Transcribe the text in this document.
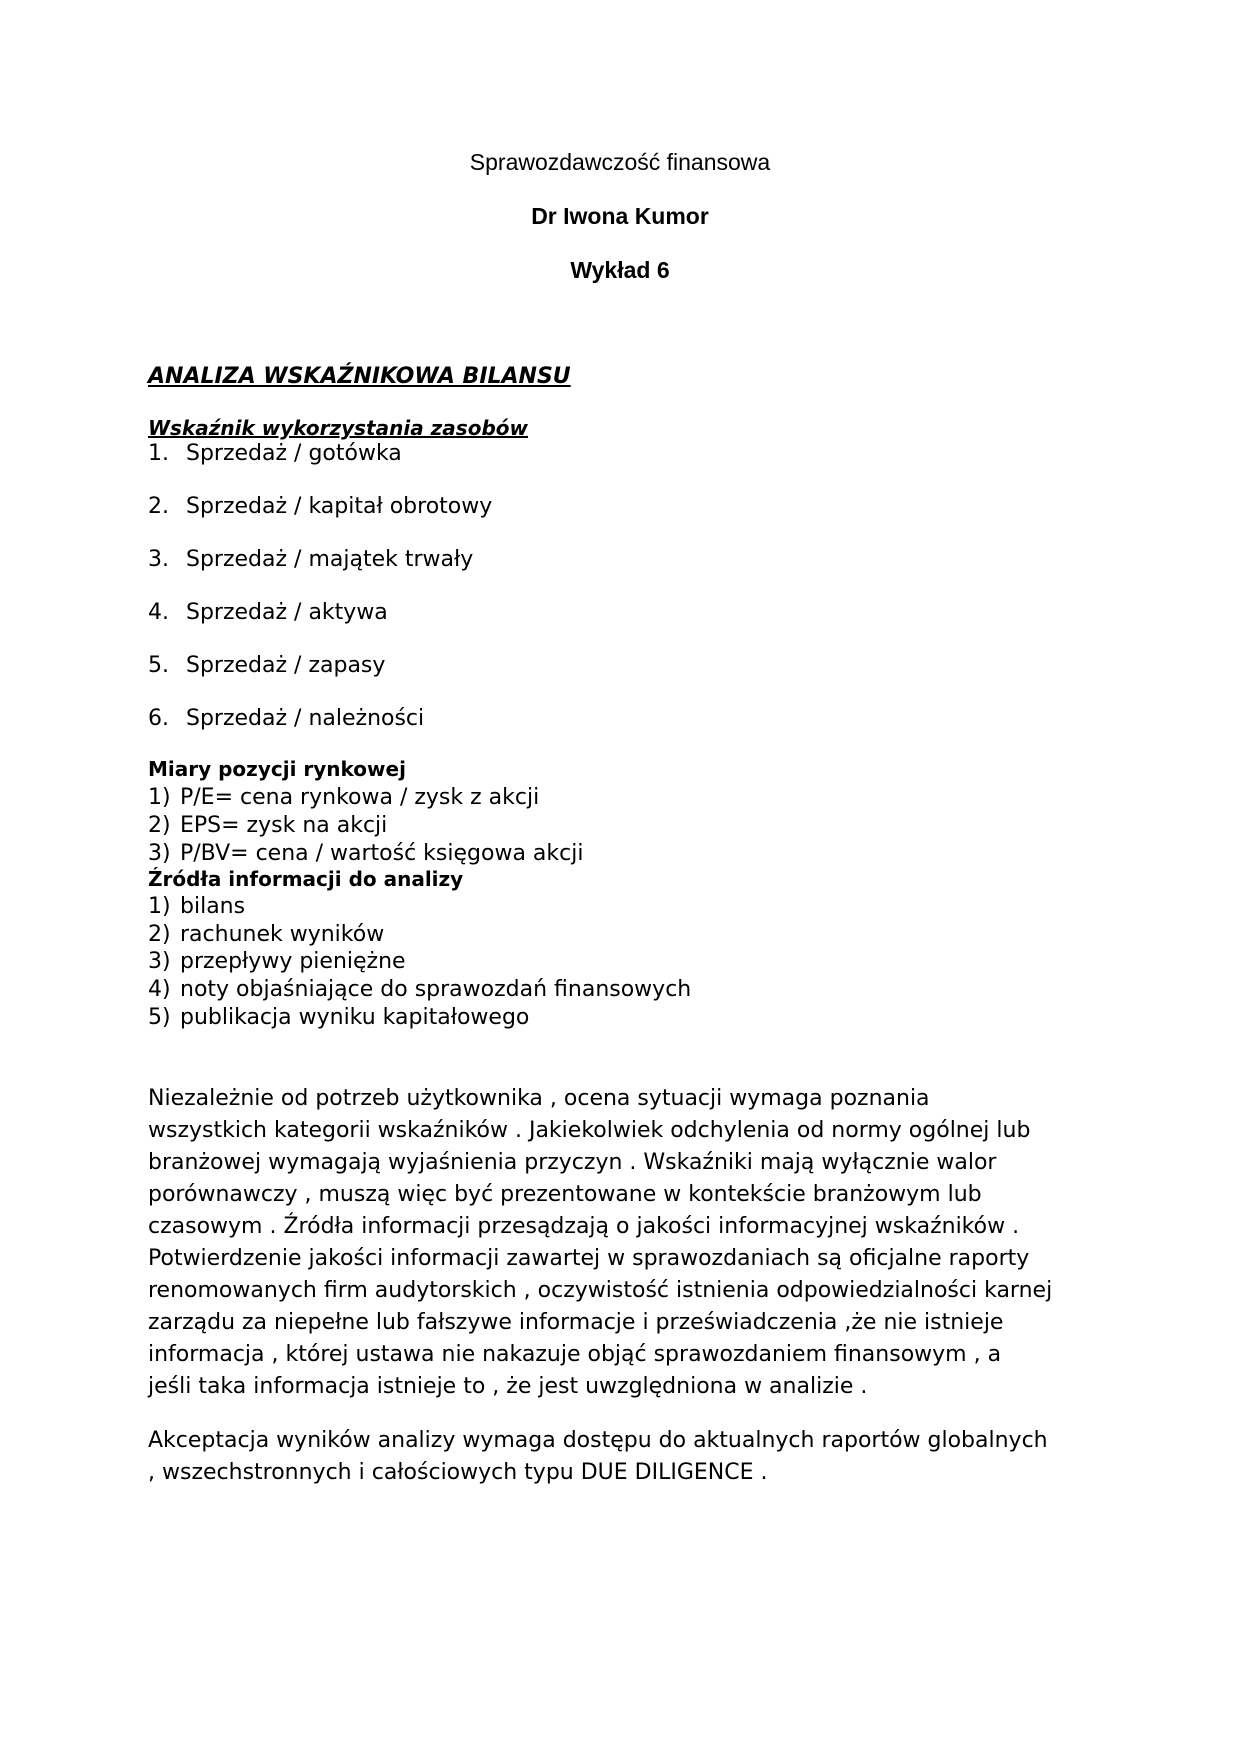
Sprawozdawczość finansowa
Dr Iwona Kumor
Wykład 6
ANALIZA WSKAŹNIKOWA BILANSU
Wskaźnik wykorzystania zasobów
1. Sprzedaż / gotówka
2. Sprzedaż / kapitał obrotowy
3. Sprzedaż / majątek trwały
4. Sprzedaż / aktywa
5. Sprzedaż / zapasy
6. Sprzedaż / należności
Miary pozycji rynkowej
1) P/E= cena rynkowa / zysk z akcji
2) EPS= zysk na akcji
3) P/BV= cena / wartość księgowa akcji
Źródła informacji do analizy
1) bilans
2) rachunek wyników
3) przepływy pieniężne
4) noty objaśniające do sprawozdań finansowych
5) publikacja wyniku kapitałowego
Niezależnie od potrzeb użytkownika , ocena sytuacji wymaga poznania
wszystkich kategorii wskaźników . Jakiekolwiek odchylenia od normy ogólnej lub
branżowej wymagają wyjaśnienia przyczyn . Wskaźniki mają wyłącznie walor
porównawczy , muszą więc być prezentowane w kontekście branżowym lub
czasowym . Źródła informacji przesądzają o jakości informacyjnej wskaźników .
Potwierdzenie jakości informacji zawartej w sprawozdaniach są oficjalne raporty
renomowanych firm audytorskich , oczywistość istnienia odpowiedzialności karnej
zarządu za niepełne lub fałszywe informacje i przeświadczenia ,że nie istnieje
informacja , której ustawa nie nakazuje objąć sprawozdaniem finansowym , a
jeśli taka informacja istnieje to , że jest uwzględniona w analizie .
Akceptacja wyników analizy wymaga dostępu do aktualnych raportów globalnych
, wszechstronnych i całościowych typu DUE DILIGENCE .
